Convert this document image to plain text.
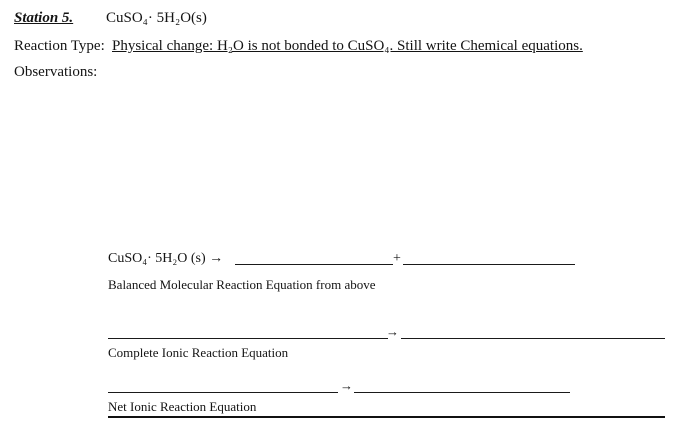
Station 5. CuSO₄· 5H₂O(s)
Reaction Type: Physical change: H₂O is not bonded to CuSO₄. Still write Chemical equations.
Observations:
CuSO₄· 5H₂O (s) →	+
Balanced Molecular Reaction Equation from above
→
Complete Ionic Reaction Equation
→
Net Ionic Reaction Equation
